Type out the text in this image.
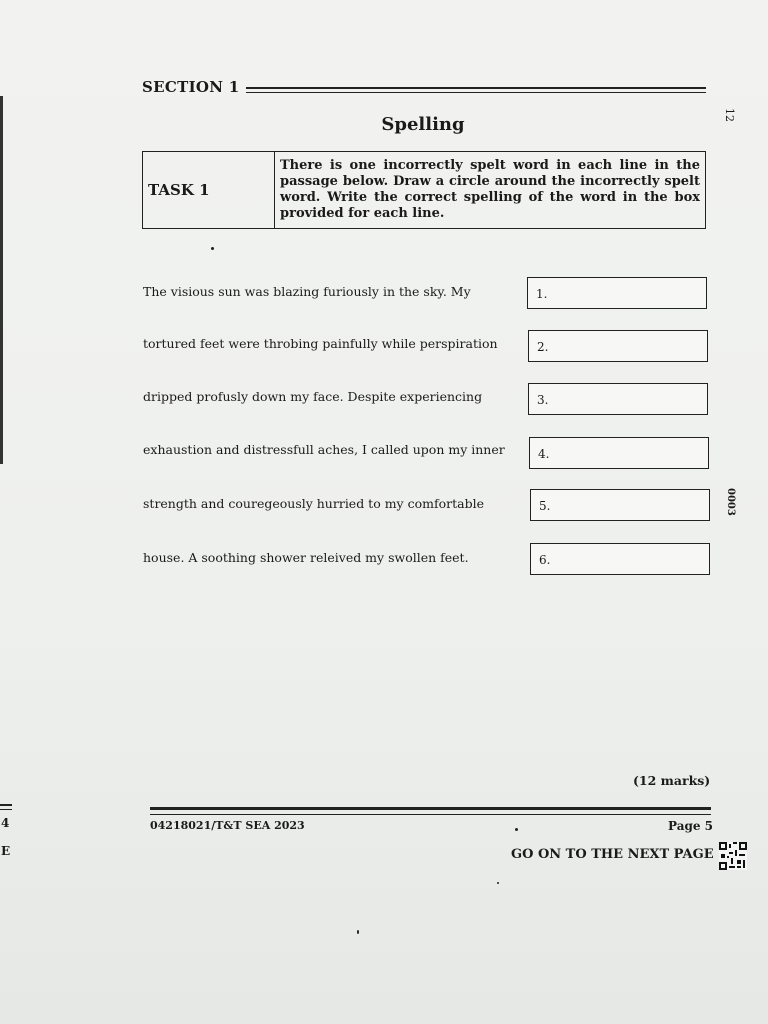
SECTION 1
12
Spelling
TASK 1
There is one incorrectly spelt word in each line in the passage below. Draw a circle around the incorrectly spelt word. Write the correct spelling of the word in the box provided for each line.
The visious sun was blazing furiously in the sky. My	1.
tortured feet were throbing painfully while perspiration	2.
dripped profusly down my face. Despite experiencing	3.
exhaustion and distressfull aches, I called upon my inner	4.
strength and couregeously hurried to my comfortable	5.
house. A soothing shower releived my swollen feet.	6.
0003
(12 marks)
4
E
04218021/T&T SEA 2023	Page 5
GO ON TO THE NEXT PAGE
